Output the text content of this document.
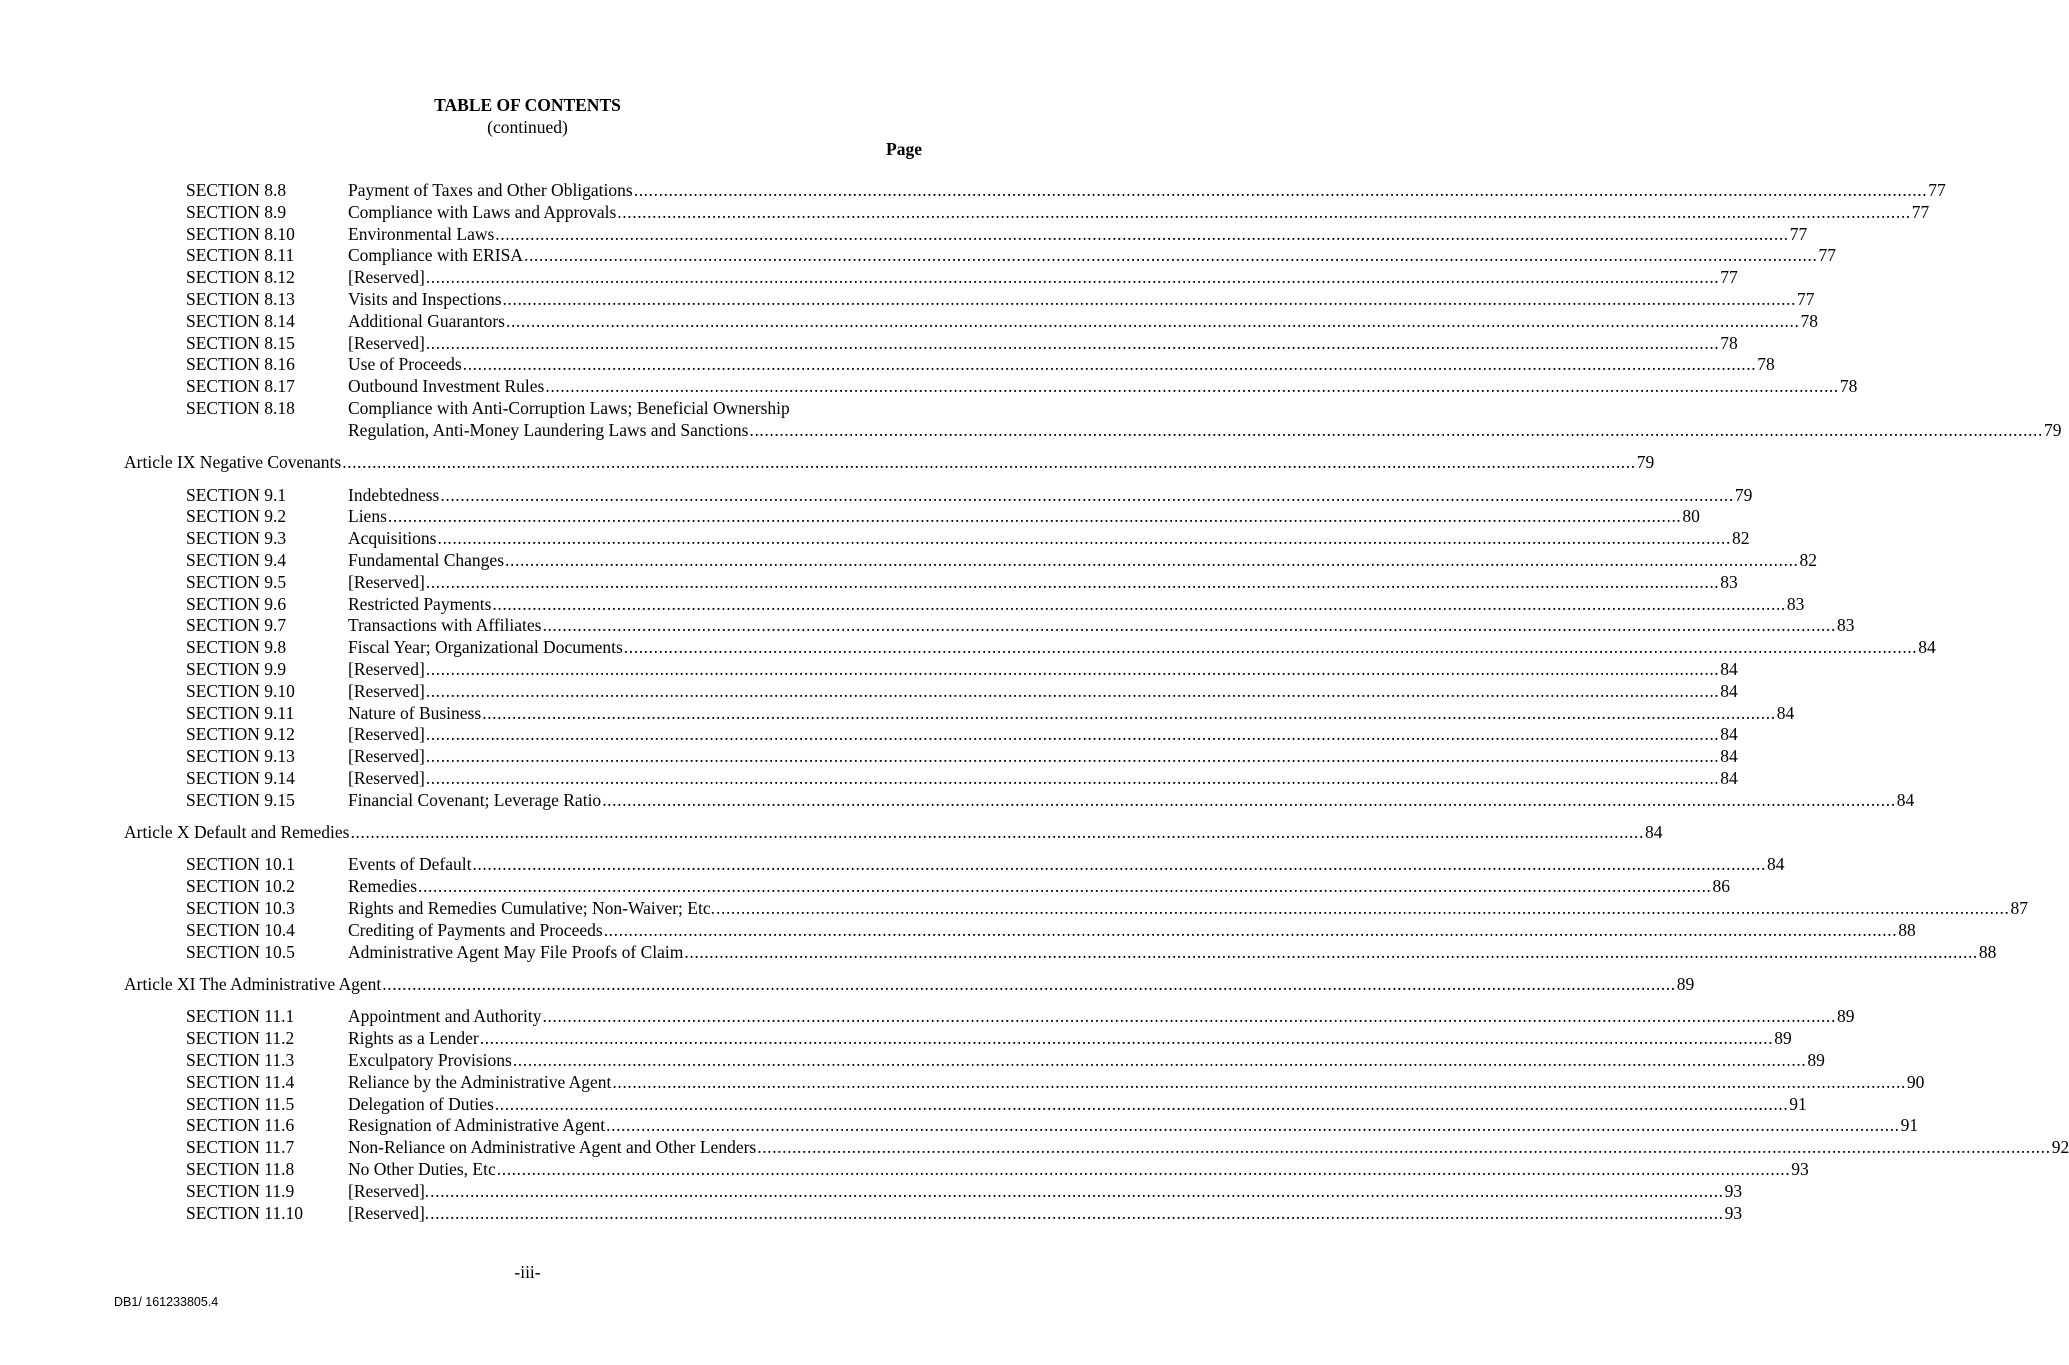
TABLE OF CONTENTS
(continued)
Page
SECTION 8.8	Payment of Taxes and Other Obligations .................................................................................................................................................................................................................................................................... 77
SECTION 8.9	Compliance with Laws and Approvals .................................................................................................................................................................................................................................................................... 77
SECTION 8.10	Environmental Laws .................................................................................................................................................................................................................................................................... 77
SECTION 8.11	Compliance with ERISA .................................................................................................................................................................................................................................................................... 77
SECTION 8.12	[Reserved] .................................................................................................................................................................................................................................................................... 77
SECTION 8.13	Visits and Inspections .................................................................................................................................................................................................................................................................... 77
SECTION 8.14	Additional Guarantors .................................................................................................................................................................................................................................................................... 78
SECTION 8.15	[Reserved] .................................................................................................................................................................................................................................................................... 78
SECTION 8.16	Use of Proceeds .................................................................................................................................................................................................................................................................... 78
SECTION 8.17	Outbound Investment Rules .................................................................................................................................................................................................................................................................... 78
SECTION 8.18	Compliance with Anti-Corruption Laws; Beneficial Ownership
Regulation, Anti-Money Laundering Laws and Sanctions .................................................................................................................................................................................................................................................................... 79
Article IX Negative Covenants .................................................................................................................................................................................................................................................................... 79
SECTION 9.1	Indebtedness .................................................................................................................................................................................................................................................................... 79
SECTION 9.2	Liens .................................................................................................................................................................................................................................................................... 80
SECTION 9.3	Acquisitions .................................................................................................................................................................................................................................................................... 82
SECTION 9.4	Fundamental Changes .................................................................................................................................................................................................................................................................... 82
SECTION 9.5	[Reserved] .................................................................................................................................................................................................................................................................... 83
SECTION 9.6	Restricted Payments .................................................................................................................................................................................................................................................................... 83
SECTION 9.7	Transactions with Affiliates .................................................................................................................................................................................................................................................................... 83
SECTION 9.8	Fiscal Year; Organizational Documents .................................................................................................................................................................................................................................................................... 84
SECTION 9.9	[Reserved] .................................................................................................................................................................................................................................................................... 84
SECTION 9.10	[Reserved] .................................................................................................................................................................................................................................................................... 84
SECTION 9.11	Nature of Business .................................................................................................................................................................................................................................................................... 84
SECTION 9.12	[Reserved] .................................................................................................................................................................................................................................................................... 84
SECTION 9.13	[Reserved] .................................................................................................................................................................................................................................................................... 84
SECTION 9.14	[Reserved] .................................................................................................................................................................................................................................................................... 84
SECTION 9.15	Financial Covenant; Leverage Ratio .................................................................................................................................................................................................................................................................... 84
Article X Default and Remedies .................................................................................................................................................................................................................................................................... 84
SECTION 10.1	Events of Default .................................................................................................................................................................................................................................................................... 84
SECTION 10.2	Remedies .................................................................................................................................................................................................................................................................... 86
SECTION 10.3	Rights and Remedies Cumulative; Non-Waiver; Etc. .................................................................................................................................................................................................................................................................... 87
SECTION 10.4	Crediting of Payments and Proceeds .................................................................................................................................................................................................................................................................... 88
SECTION 10.5	Administrative Agent May File Proofs of Claim .................................................................................................................................................................................................................................................................... 88
Article XI The Administrative Agent .................................................................................................................................................................................................................................................................... 89
SECTION 11.1	Appointment and Authority .................................................................................................................................................................................................................................................................... 89
SECTION 11.2	Rights as a Lender .................................................................................................................................................................................................................................................................... 89
SECTION 11.3	Exculpatory Provisions .................................................................................................................................................................................................................................................................... 89
SECTION 11.4	Reliance by the Administrative Agent .................................................................................................................................................................................................................................................................... 90
SECTION 11.5	Delegation of Duties .................................................................................................................................................................................................................................................................... 91
SECTION 11.6	Resignation of Administrative Agent .................................................................................................................................................................................................................................................................... 91
SECTION 11.7	Non-Reliance on Administrative Agent and Other Lenders .................................................................................................................................................................................................................................................................... 92
SECTION 11.8	No Other Duties, Etc .................................................................................................................................................................................................................................................................... 93
SECTION 11.9	[Reserved]. .................................................................................................................................................................................................................................................................... 93
SECTION 11.10	[Reserved]. .................................................................................................................................................................................................................................................................... 93
-iii-
DB1/ 161233805.4
